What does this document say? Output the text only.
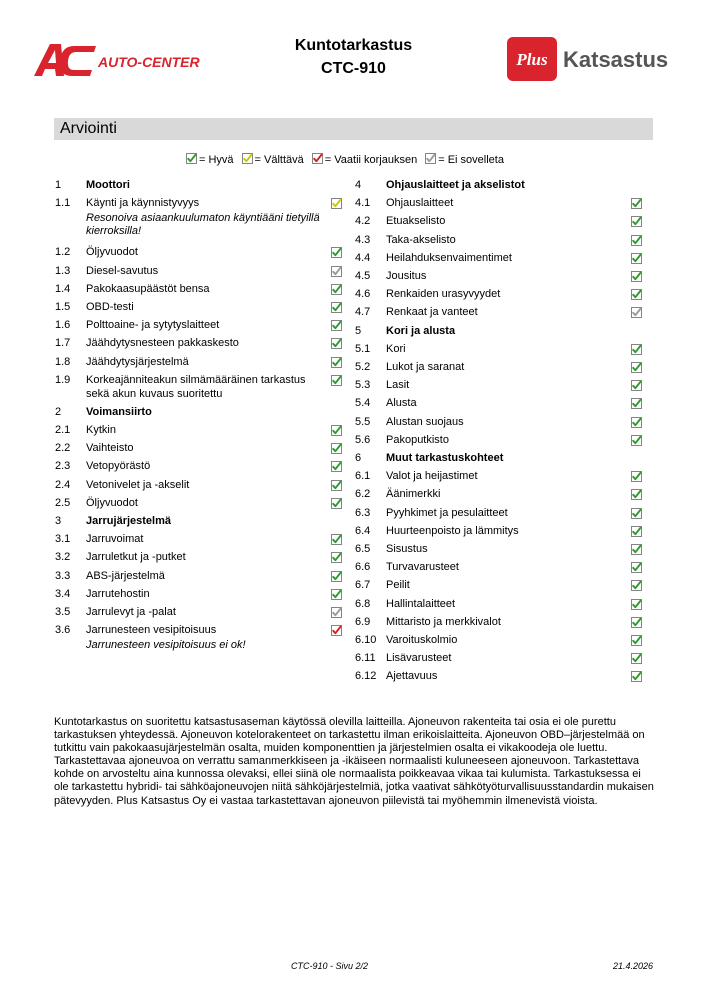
AUTO-CENTER
Kuntotarkastus
CTC-910	Plus Katsastus
Arviointi
= Hyvä = Välttävä = Vaatii korjauksen = Ei sovelleta
1 Moottori
1.1 Käynti ja käynnistyvyys
Resonoiva asiaankuulumaton käyntiääni tietyillä kierroksilla!
1.2 Öljyvuodot
1.3 Diesel-savutus
1.4 Pakokaasupäästöt bensa
1.5 OBD-testi
1.6 Polttoaine- ja sytytyslaitteet
1.7 Jäähdytysnesteen pakkaskesto
1.8 Jäähdytysjärjestelmä
1.9 Korkeajänniteakun silmämääräinen tarkastus sekä akun kuvaus suoritettu
2 Voimansiirto
2.1 Kytkin
2.2 Vaihteisto
2.3 Vetopyörästö
2.4 Vetonivelet ja -akselit
2.5 Öljyvuodot
3 Jarrujärjestelmä
3.1 Jarruvoimat
3.2 Jarruletkut ja -putket
3.3 ABS-järjestelmä
3.4 Jarrutehostin
3.5 Jarrulevyt ja -palat
3.6 Jarrunesteen vesipitoisuus
Jarrunesteen vesipitoisuus ei ok!
4 Ohjauslaitteet ja akselistot
4.1 Ohjauslaitteet
4.2 Etuakselisto
4.3 Taka-akselisto
4.4 Heilahduksenvaimentimet
4.5 Jousitus
4.6 Renkaiden urasyvyydet
4.7 Renkaat ja vanteet
5 Kori ja alusta
5.1 Kori
5.2 Lukot ja saranat
5.3 Lasit
5.4 Alusta
5.5 Alustan suojaus
5.6 Pakoputkisto
6 Muut tarkastuskohteet
6.1 Valot ja heijastimet
6.2 Äänimerkki
6.3 Pyyhkimet ja pesulaitteet
6.4 Huurteenpoisto ja lämmitys
6.5 Sisustus
6.6 Turvavarusteet
6.7 Peilit
6.8 Hallintalaitteet
6.9 Mittaristo ja merkkivalot
6.10 Varoituskolmio
6.11 Lisävarusteet
6.12 Ajettavuus
Kuntotarkastus on suoritettu katsastusaseman käytössä olevilla laitteilla. Ajoneuvon rakenteita tai osia ei ole purettu tarkastuksen yhteydessä. Ajoneuvon kotelorakenteet on tarkastettu ilman erikoislaitteita. Ajoneuvon OBD–järjestelmää on tutkittu vain pakokaasujärjestelmän osalta, muiden komponenttien ja järjestelmien osalta ei vikakoodeja ole luettu. Tarkastettavaa ajoneuvoa on verrattu samanmerkkiseen ja -ikäiseen normaalisti kuluneeseen ajoneuvoon. Tarkastettava kohde on arvosteltu aina kunnossa olevaksi, ellei siinä ole normaalista poikkeavaa vikaa tai kulumista. Tarkastuksessa ei ole tarkastettu hybridi- tai sähköajoneuvojen niitä sähköjärjestelmiä, jotka vaativat sähkötyöturvallisuusstandardin mukaisen pätevyyden. Plus Katsastus Oy ei vastaa tarkastettavan ajoneuvon piilevistä tai myöhemmin ilmenevistä vioista.
CTC-910 - Sivu 2/2	21.4.2026
